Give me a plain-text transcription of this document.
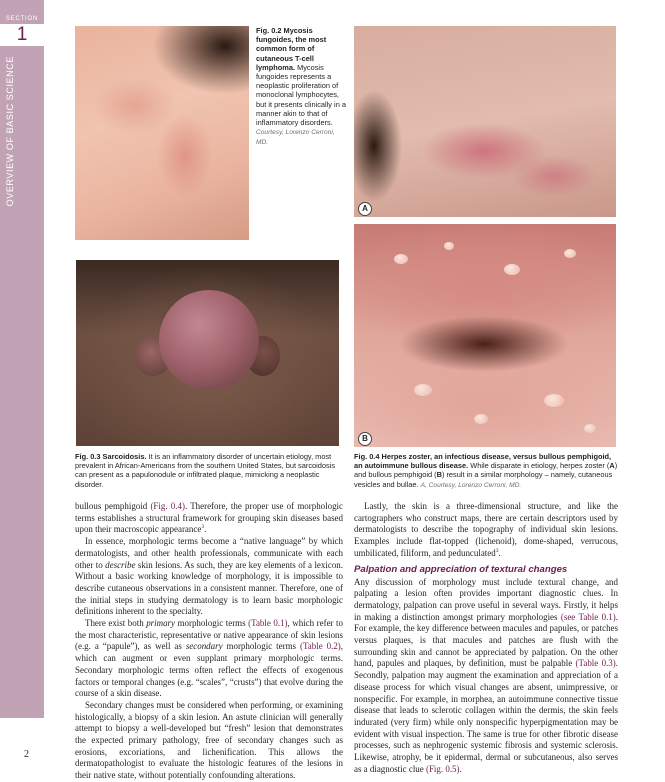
SECTION
1
OVERVIEW OF BASIC SCIENCE
2
Fig. 0.2 Mycosis fungoides, the most common form of cutaneous T-cell lymphoma. Mycosis fungoides represents a neoplastic proliferation of monoclonal lymphocytes, but it presents clinically in a manner akin to that of inflammatory disorders. Courtesy, Lorenzo Cerroni, MD.
Fig. 0.3 Sarcoidosis. It is an inflammatory disorder of uncertain etiology, most prevalent in African-Americans from the southern United States, but sarcoidosis can present as a papulonodule or infiltrated plaque, mimicking a neoplastic disorder.
A
B
Fig. 0.4 Herpes zoster, an infectious disease, versus bullous pemphigoid, an autoimmune bullous disease. While disparate in etiology, herpes zoster (A) and bullous pemphigoid (B) result in a similar morphology – namely, cutaneous vesicles and bullae. A, Courtesy, Lorenzo Cerroni, MD.

bullous pemphigoid (Fig. 0.4). Therefore, the proper use of morphologic terms establishes a structural framework for grouping skin diseases based upon their macroscopic appearance$^3$.

In essence, morphologic terms become a “native language” by which dermatologists, and other health professionals, communicate with each other to describe skin lesions. As such, they are key elements of a lexicon. Without a basic working knowledge of morphology, it is impossible to describe cutaneous observations in a consistent manner. Therefore, one of the initial steps in studying dermatology is to learn basic morphologic definitions inherent to the specialty.

There exist both primary morphologic terms (Table 0.1), which refer to the most characteristic, representative or native appearance of skin lesions (e.g. a “papule”), as well as secondary morphologic terms (Table 0.2), which can augment or even supplant primary morphologic terms. Secondary morphologic terms often reflect the effects of exogenous factors or temporal changes (e.g. “scales”, “crusts”) that evolve during the course of a skin disease.

Secondary changes must be considered when performing, or examining histologically, a biopsy of a skin lesion. An astute clinician will generally attempt to biopsy a well-developed but “fresh” lesion that demonstrates the expected primary pathology, free of secondary changes such as erosions, excoriations, and lichenification. This allows the dermatopathologist to evaluate the histologic features of the lesions in their native state, without potentially confounding alterations.

Lastly, the skin is a three-dimensional structure, and like the cartographers who construct maps, there are certain descriptors used by dermatologists to describe the topography of individual skin lesions. Examples include flat-topped (lichenoid), dome-shaped, verrucous, umbilicated, filiform, and pedunculated$^3$.

Palpation and appreciation of textural changes

Any discussion of morphology must include textural change, and palpating a lesion often provides important diagnostic clues. In dermatology, palpation can prove useful in several ways. Firstly, it helps in making a distinction amongst primary morphologies (see Table 0.1). For example, the key difference between macules and papules, or patches versus plaques, is that macules and patches are flush with the surrounding skin and cannot be appreciated by palpation. On the other hand, papules and plaques, by definition, must be palpable (Table 0.3). Secondly, palpation may augment the examination and appreciation of a disease process for which visual changes are absent, unimpressive, or nonspecific. For example, in morphea, an autoimmune connective tissue disease that leads to sclerotic collagen within the dermis, the skin feels indurated (very firm) while only nonspecific hyperpigmentation may be evident with visual inspection. The same is true for other fibrotic disease processes, such as nephrogenic systemic fibrosis and systemic sclerosis. Likewise, atrophy, be it epidermal, dermal or subcutaneous, also serves as a diagnostic clue (Fig. 0.5).
